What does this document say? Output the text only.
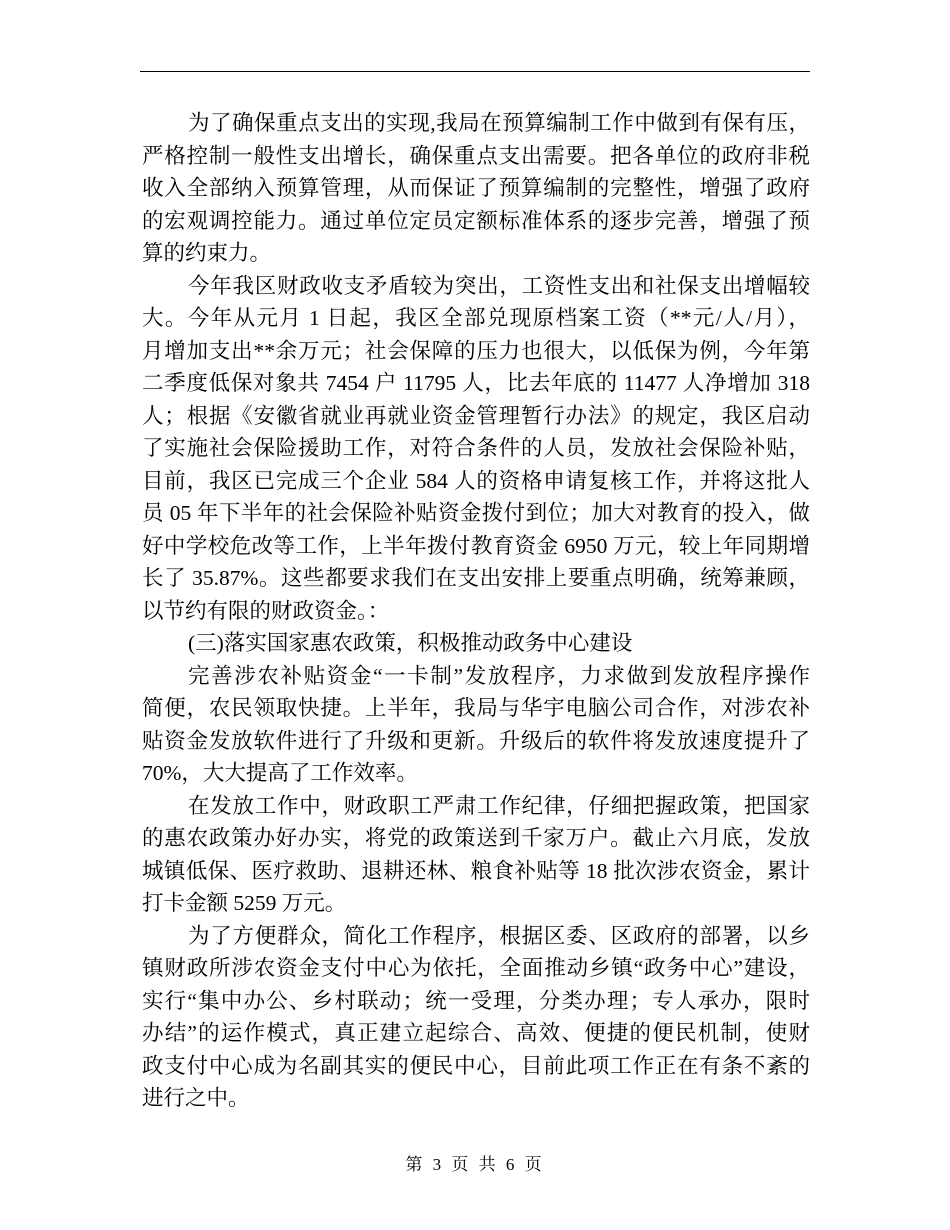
为了确保重点支出的实现,我局在预算编制工作中做到有保有压，
严格控制一般性支出增长，确保重点支出需要。把各单位的政府非税
收入全部纳入预算管理，从而保证了预算编制的完整性，增强了政府
的宏观调控能力。通过单位定员定额标准体系的逐步完善，增强了预
算的约束力。
今年我区财政收支矛盾较为突出，工资性支出和社保支出增幅较
大。今年从元月 1 日起，我区全部兑现原档案工资（**元/人/月），
月增加支出**余万元；社会保障的压力也很大，以低保为例，今年第
二季度低保对象共 7454 户 11795 人，比去年底的 11477 人净增加 318
人；根据《安徽省就业再就业资金管理暂行办法》的规定，我区启动
了实施社会保险援助工作，对符合条件的人员，发放社会保险补贴，
目前，我区已完成三个企业 584 人的资格申请复核工作，并将这批人
员 05 年下半年的社会保险补贴资金拨付到位；加大对教育的投入，做
好中学校危改等工作，上半年拨付教育资金 6950 万元，较上年同期增
长了 35.87%。这些都要求我们在支出安排上要重点明确，统筹兼顾，
以节约有限的财政资金。：
(三)落实国家惠农政策，积极推动政务中心建设
完善涉农补贴资金“一卡制”发放程序，力求做到发放程序操作
简便，农民领取快捷。上半年，我局与华宇电脑公司合作，对涉农补
贴资金发放软件进行了升级和更新。升级后的软件将发放速度提升了
70%，大大提高了工作效率。
在发放工作中，财政职工严肃工作纪律，仔细把握政策，把国家
的惠农政策办好办实，将党的政策送到千家万户。截止六月底，发放
城镇低保、医疗救助、退耕还林、粮食补贴等 18 批次涉农资金，累计
打卡金额 5259 万元。
为了方便群众，简化工作程序，根据区委、区政府的部署，以乡
镇财政所涉农资金支付中心为依托，全面推动乡镇“政务中心”建设，
实行“集中办公、乡村联动；统一受理，分类办理；专人承办，限时
办结”的运作模式，真正建立起综合、高效、便捷的便民机制，使财
政支付中心成为名副其实的便民中心，目前此项工作正在有条不紊的
进行之中。
第 3 页 共 6 页
